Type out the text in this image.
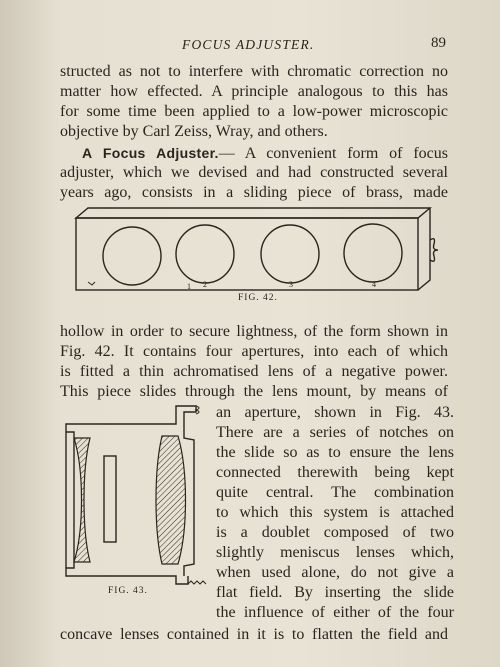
FOCUS ADJUSTER.	89
structed as not to interfere with chromatic correction no
matter how effected. A principle analogous to this has
for some time been applied to a low-power microscopic
objective by Carl Zeiss, Wray, and others.
A Focus Adjuster.— A convenient form of focus
adjuster, which we devised and had constructed several
years ago, consists in a sliding piece of brass, made
1 2	3	4
FIG. 42.
hollow in order to secure lightness, of the form shown in
Fig. 42. It contains four apertures, into each of which
is fitted a thin achromatised lens of a negative power.
This piece slides through the lens mount, by means of
an aperture, shown in Fig. 43.
There are a series of notches on
the slide so as to ensure the lens
connected therewith being kept
quite central. The combination
to which this system is attached
is a doublet composed of two
slightly meniscus lenses which,
when used alone, do not give a
flat field. By inserting the slide
the influence of either of the four
concave lenses contained in it is to flatten the field and
FIG. 43.
